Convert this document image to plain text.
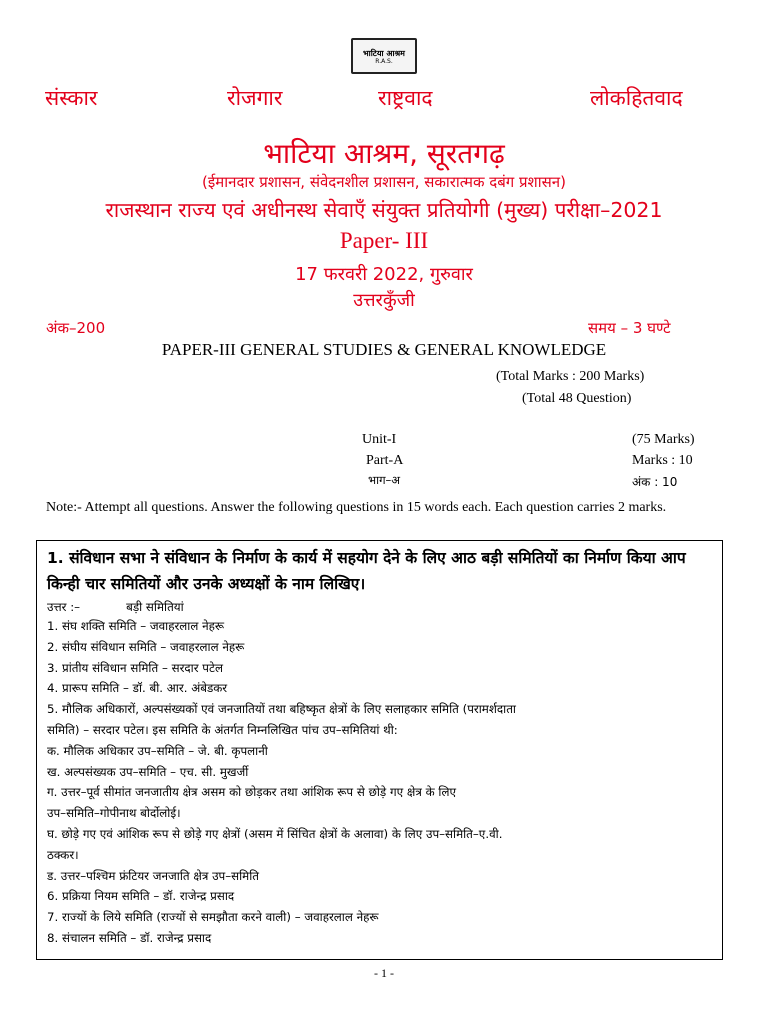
भाटिया आश्रम
R.A.S.
संस्कार	रोजगार	राष्ट्रवाद	लोकहितवाद
भाटिया आश्रम, सूरतगढ़
(ईमानदार प्रशासन, संवेदनशील प्रशासन, सकारात्मक दबंग प्रशासन)
राजस्थान राज्य एवं अधीनस्थ सेवाएँ संयुक्त प्रतियोगी (मुख्य) परीक्षा–2021
Paper- III
17 फरवरी 2022, गुरुवार
उत्तरकुँजी
अंक–200	समय – 3 घण्टे
PAPER-III GENERAL STUDIES & GENERAL KNOWLEDGE
(Total Marks : 200 Marks)
(Total 48 Question)
Unit-I	(75 Marks)
Part-A	Marks : 10
भाग–अ	अंक : 10
Note:- Attempt all questions. Answer the following questions in 15 words each. Each question carries 2 marks.
1. संविधान सभा ने संविधान के निर्माण के कार्य में सहयोग देने के लिए आठ बड़ी समितियों का निर्माण किया आप किन्ही चार समितियों और उनके अध्यक्षों के नाम लिखिए।
उत्तर :–	बड़ी समितियां
1. संघ शक्ति समिति – जवाहरलाल नेहरू
2. संघीय संविधान समिति – जवाहरलाल नेहरू
3. प्रांतीय संविधान समिति – सरदार पटेल
4. प्रारूप समिति – डॉ. बी. आर. अंबेडकर
5. मौलिक अधिकारों, अल्पसंख्यकों एवं जनजातियों तथा बहिष्कृत क्षेत्रों के लिए सलाहकार समिति (परामर्शदाता
समिति) – सरदार पटेल। इस समिति के अंतर्गत निम्नलिखित पांच उप–समितियां थी:
क. मौलिक अधिकार उप–समिति – जे. बी. कृपलानी
ख. अल्पसंख्यक उप–समिति – एच. सी. मुखर्जी
ग. उत्तर–पूर्व सीमांत जनजातीय क्षेत्र असम को छोड़कर तथा आंशिक रूप से छोड़े गए क्षेत्र के लिए
उप–समिति–गोपीनाथ बोर्दोलोई।
घ. छोड़े गए एवं आंशिक रूप से छोड़े गए क्षेत्रों (असम में सिंचित क्षेत्रों के अलावा) के लिए उप–समिति–ए.वी.
ठक्कर।
ड. उत्तर–पश्चिम फ्रंटियर जनजाति क्षेत्र उप–समिति
6. प्रक्रिया नियम समिति – डॉ. राजेन्द्र प्रसाद
7. राज्यों के लिये समिति (राज्यों से समझौता करने वाली) – जवाहरलाल नेहरू
8. संचालन समिति – डॉ. राजेन्द्र प्रसाद
- 1 -
